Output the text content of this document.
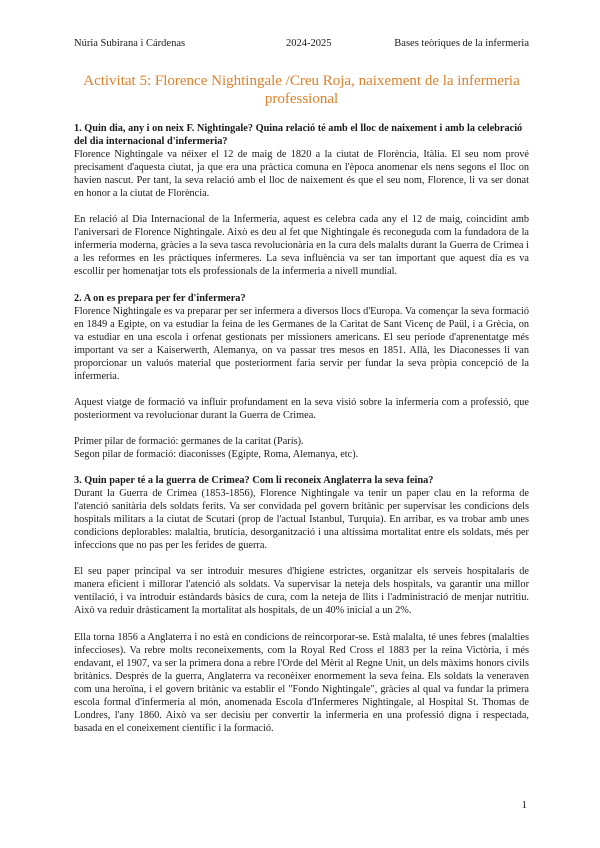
Núria Subirana i Cárdenas	2024-2025	Bases teòriques de la infermeria
Activitat 5: Florence Nightingale /Creu Roja, naixement de la infermeria professional
1. Quin dia, any i on neix F. Nightingale? Quina relació té amb el lloc de naixement i amb la celebració del dia internacional d'infermeria?

Florence Nightingale va néixer el 12 de maig de 1820 a la ciutat de Florència, Itàlia. El seu nom prové precisament d'aquesta ciutat, ja que era una pràctica comuna en l'època anomenar els nens segons el lloc on havien nascut. Per tant, la seva relació amb el lloc de naixement és que el seu nom, Florence, li va ser donat en honor a la ciutat de Florència.

En relació al Dia Internacional de la Infermeria, aquest es celebra cada any el 12 de maig, coincidint amb l'aniversari de Florence Nightingale. Això es deu al fet que Nightingale és reconeguda com la fundadora de la infermeria moderna, gràcies a la seva tasca revolucionària en la cura dels malalts durant la Guerra de Crimea i a les reformes en les pràctiques infermeres. La seva influència va ser tan important que aquest dia es va escollir per homenatjar tots els professionals de la infermeria a nivell mundial.

2. A on es prepara per fer d'infermera?

Florence Nightingale es va preparar per ser infermera a diversos llocs d'Europa. Va començar la seva formació en 1849 a Egipte, on va estudiar la feina de les Germanes de la Caritat de Sant Vicenç de Paül, i a Grècia, on va estudiar en una escola i orfenat gestionats per missioners americans. El seu període d'aprenentatge més important va ser a Kaiserwerth, Alemanya, on va passar tres mesos en 1851. Allà, les Diaconesses li van proporcionar un valuós material que posteriorment faria servir per fundar la seva pròpia concepció de la infermeria.

Aquest viatge de formació va influir profundament en la seva visió sobre la infermeria com a professió, que posteriorment va revolucionar durant la Guerra de Crimea.

Primer pilar de formació: germanes de la caritat (París).

Segon pilar de formació: diaconisses (Egipte, Roma, Alemanya, etc).

3. Quin paper té a la guerra de Crimea? Com li reconeix Anglaterra la seva feina?

Durant la Guerra de Crimea (1853-1856), Florence Nightingale va tenir un paper clau en la reforma de l'atenció sanitària dels soldats ferits. Va ser convidada pel govern britànic per supervisar les condicions dels hospitals militars a la ciutat de Scutari (prop de l'actual Istanbul, Turquia). En arribar, es va trobar amb unes condicions deplorables: malaltia, brutícia, desorganització i una altíssima mortalitat entre els soldats, més per infeccions que no pas per les ferides de guerra.

El seu paper principal va ser introduir mesures d'higiene estrictes, organitzar els serveis hospitalaris de manera eficient i millorar l'atenció als soldats. Va supervisar la neteja dels hospitals, va garantir una millor ventilació, i va introduir estàndards bàsics de cura, com la neteja de llits i l'administració de menjar nutritiu. Això va reduir dràsticament la mortalitat als hospitals, de un 40% inicial a un 2%.

Ella torna 1856 a Anglaterra i no està en condicions de reincorporar-se. Està malalta, té unes febres (malalties infeccioses). Va rebre molts reconeixements, com la Royal Red Cross el 1883 per la reina Victòria, i més endavant, el 1907, va ser la primera dona a rebre l'Orde del Mèrit al Regne Unit, un dels màxims honors civils britànics. Després de la guerra, Anglaterra va reconèixer enormement la seva feina. Els soldats la veneraven com una heroïna, i el govern britànic va establir el "Fondo Nightingale", gràcies al qual va fundar la primera escola formal d'infermeria al món, anomenada Escola d'Infermeres Nightingale, al Hospital St. Thomas de Londres, l'any 1860. Això va ser decisiu per convertir la infermeria en una professió digna i respectada, basada en el coneixement científic i la formació.

1
